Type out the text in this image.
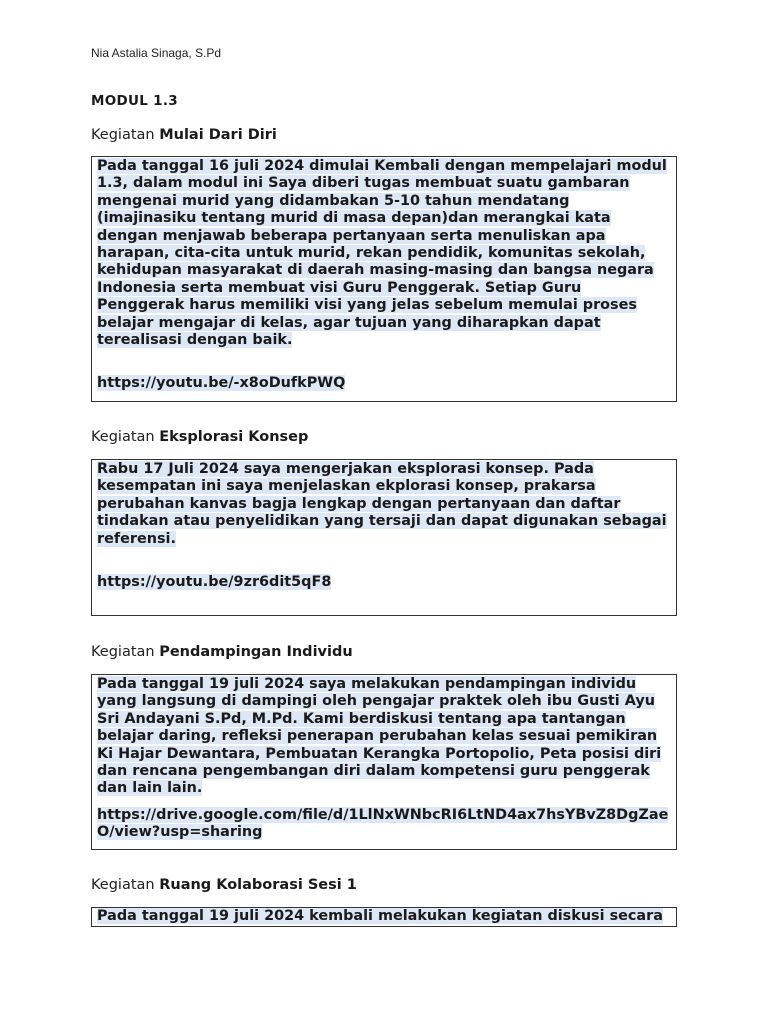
Nia Astalia Sinaga, S.Pd
MODUL 1.3
Kegiatan Mulai Dari Diri

Pada tanggal 16 juli 2024 dimulai Kembali dengan mempelajari modul 1.3, dalam modul ini Saya diberi tugas membuat suatu gambaran mengenai murid yang didambakan 5-10 tahun mendatang (imajinasiku tentang murid di masa depan)dan merangkai kata dengan menjawab beberapa pertanyaan serta menuliskan apa harapan, cita-cita untuk murid, rekan pendidik, komunitas sekolah, kehidupan masyarakat di daerah masing-masing dan bangsa negara Indonesia serta membuat visi Guru Penggerak. Setiap Guru Penggerak harus memiliki visi yang jelas sebelum memulai proses belajar mengajar di kelas, agar tujuan yang diharapkan dapat terealisasi dengan baik.

https://youtu.be/-x8oDufkPWQ

Kegiatan Eksplorasi Konsep

Rabu 17 Juli 2024 saya mengerjakan eksplorasi konsep. Pada kesempatan ini saya menjelaskan ekplorasi konsep, prakarsa perubahan kanvas bagja lengkap dengan pertanyaan dan daftar tindakan atau penyelidikan yang tersaji dan dapat digunakan sebagai referensi.

https://youtu.be/9zr6dit5qF8

Kegiatan Pendampingan Individu

Pada tanggal 19 juli 2024 saya melakukan pendampingan individu yang langsung di dampingi oleh pengajar praktek oleh ibu Gusti Ayu Sri Andayani S.Pd, M.Pd. Kami berdiskusi tentang apa tantangan belajar daring, refleksi penerapan perubahan kelas sesuai pemikiran Ki Hajar Dewantara, Pembuatan Kerangka Portopolio, Peta posisi diri dan rencana pengembangan diri dalam kompetensi guru penggerak dan lain lain.

https://drive.google.com/file/d/1LlNxWNbcRI6LtND4ax7hsYBvZ8DgZaeO/view?usp=sharing

Kegiatan Ruang Kolaborasi Sesi 1

Pada tanggal 19 juli 2024 kembali melakukan kegiatan diskusi secara
